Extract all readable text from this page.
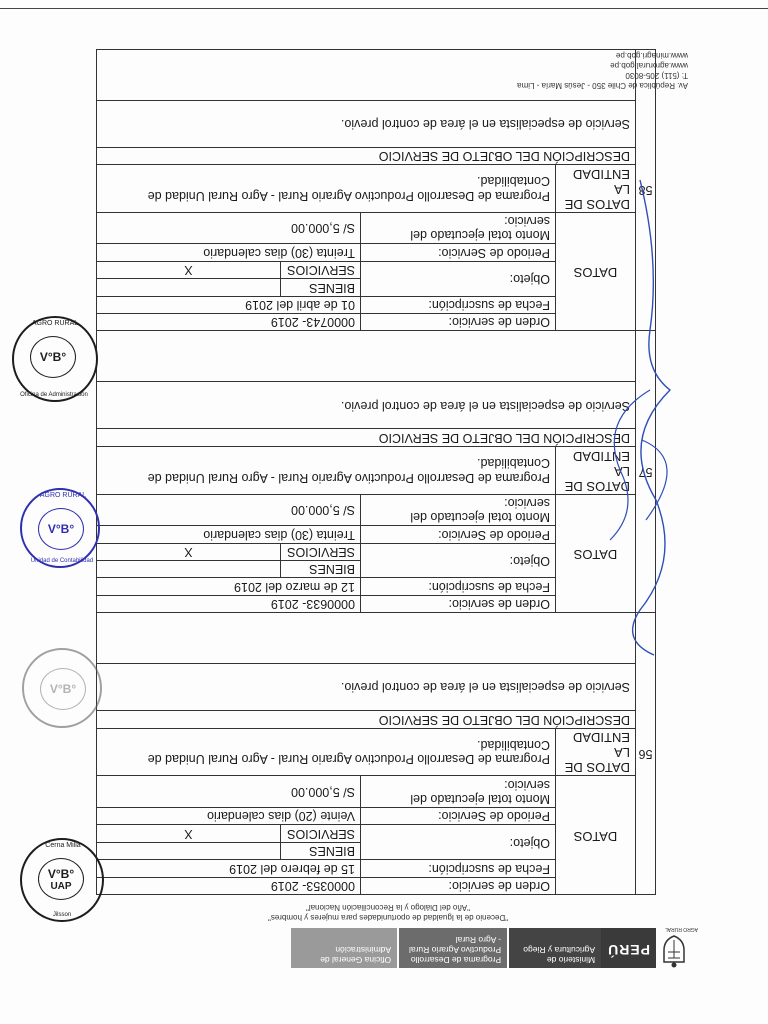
AGRO RURAL
PERÚ
Ministerio de Agricultura y Riego
Programa de Desarrollo Productivo Agrario Rural - Agro Rural
Oficina General de Administración
"Decenio de la Igualdad de oportunidades para mujeres y hombres"
"Año del Diálogo y la Reconciliación Nacional"
56	DATOS	Orden de servicio:	0000353- 2019	
		Fecha de suscripción:	15 de febrero del 2019	
		Objeto:	BIENES	
			SERVICIOS	X
		Periodo de Servicio:	Veinte (20) dias calendario	
		Monto total ejecutado del servicio:	S/ 5,000.00	
	DATOS DE LA ENTIDAD	Programa de Desarrollo Productivo Agrario Rural - Agro Rural Unidad de Contabilidad.		
	DESCRIPCIÓN DEL OBJETO DE SERVICIO			
	Servicio de especialista en el área de control previo.			

57	DATOS	Orden de servicio:	0000633- 2019	
		Fecha de suscripción:	12 de marzo del 2019	
		Objeto:	BIENES	
			SERVICIOS	X
		Periodo de Servicio:	Treinta (30) dias calendario	
		Monto total ejecutado del servicio:	S/ 5,000.00	
	DATOS DE LA ENTIDAD	Programa de Desarrollo Productivo Agrario Rural - Agro Rural Unidad de Contabilidad.		
	DESCRIPCIÓN DEL OBJETO DE SERVICIO			
	Servicio de especialista en el área de control previo.			

58	DATOS	Orden de servicio:	0000743- 2019	
		Fecha de suscripción:	01 de abril del 2019	
		Objeto:	BIENES	
			SERVICIOS	X
		Periodo de Servicio:	Treinta (30) dias calendario	
		Monto total ejecutado del servicio:	S/ 5,000.00	
	DATOS DE LA ENTIDAD	Programa de Desarrollo Productivo Agrario Rural - Agro Rural Unidad de Contabilidad.		
	DESCRIPCIÓN DEL OBJETO DE SERVICIO			
	Servicio de especialista en el área de control previo.			

Av. República de Chile 350 - Jesús María - Lima
T: (511) 205-8030
www.agrorural.gob.pe
www.minagri.gob.pe
AGRO RURAL
V°B°
Oficina de Administración
AGRO RURAL
V°B°
Unidad de Contabilidad
V°B°
Cerna Milla
V°B°
UAP
Jilsson
